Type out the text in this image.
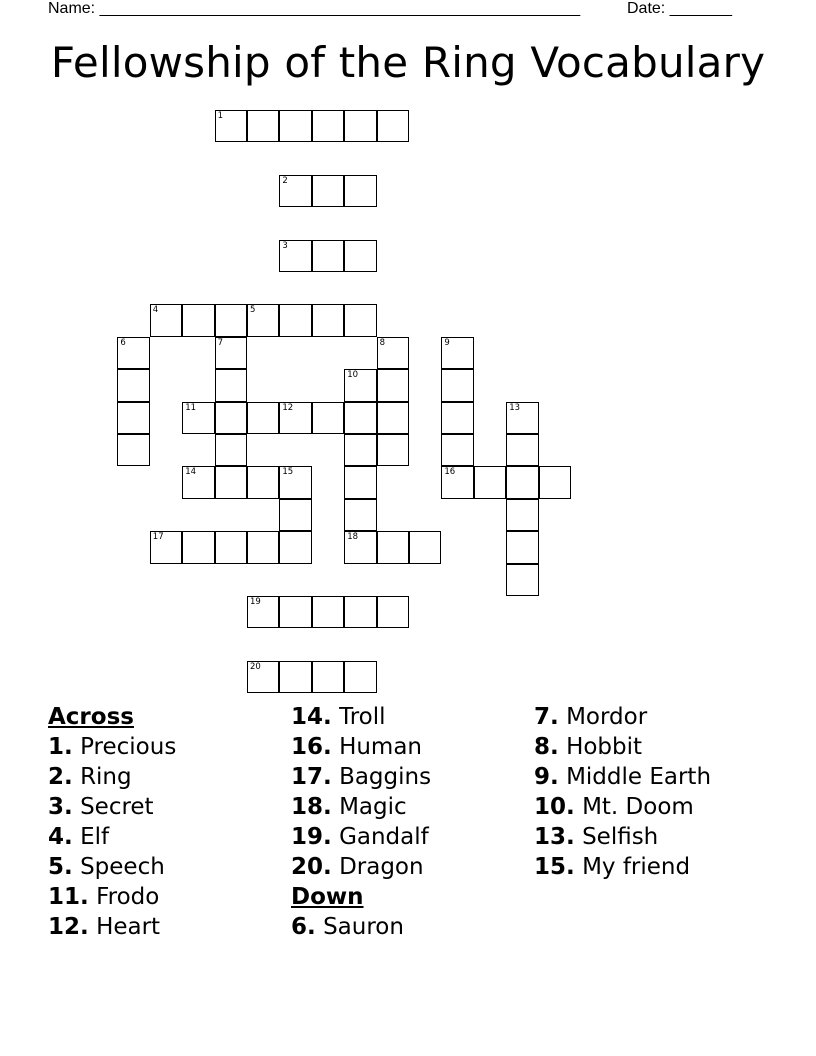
Name: ______________________________________________________	Date: _______
Fellowship of the Ring Vocabulary
1
2
3
4	5
6	7	8	9
16
10
18
11	12	13
14	15
17
19
20
Across
1. Precious
2. Ring
3. Secret
4. Elf
5. Speech
11. Frodo
12. Heart
14. Troll
16. Human
17. Baggins
18. Magic
19. Gandalf
20. Dragon
Down
6. Sauron
7. Mordor
8. Hobbit
9. Middle Earth
10. Mt. Doom
13. Selfish
15. My friend
